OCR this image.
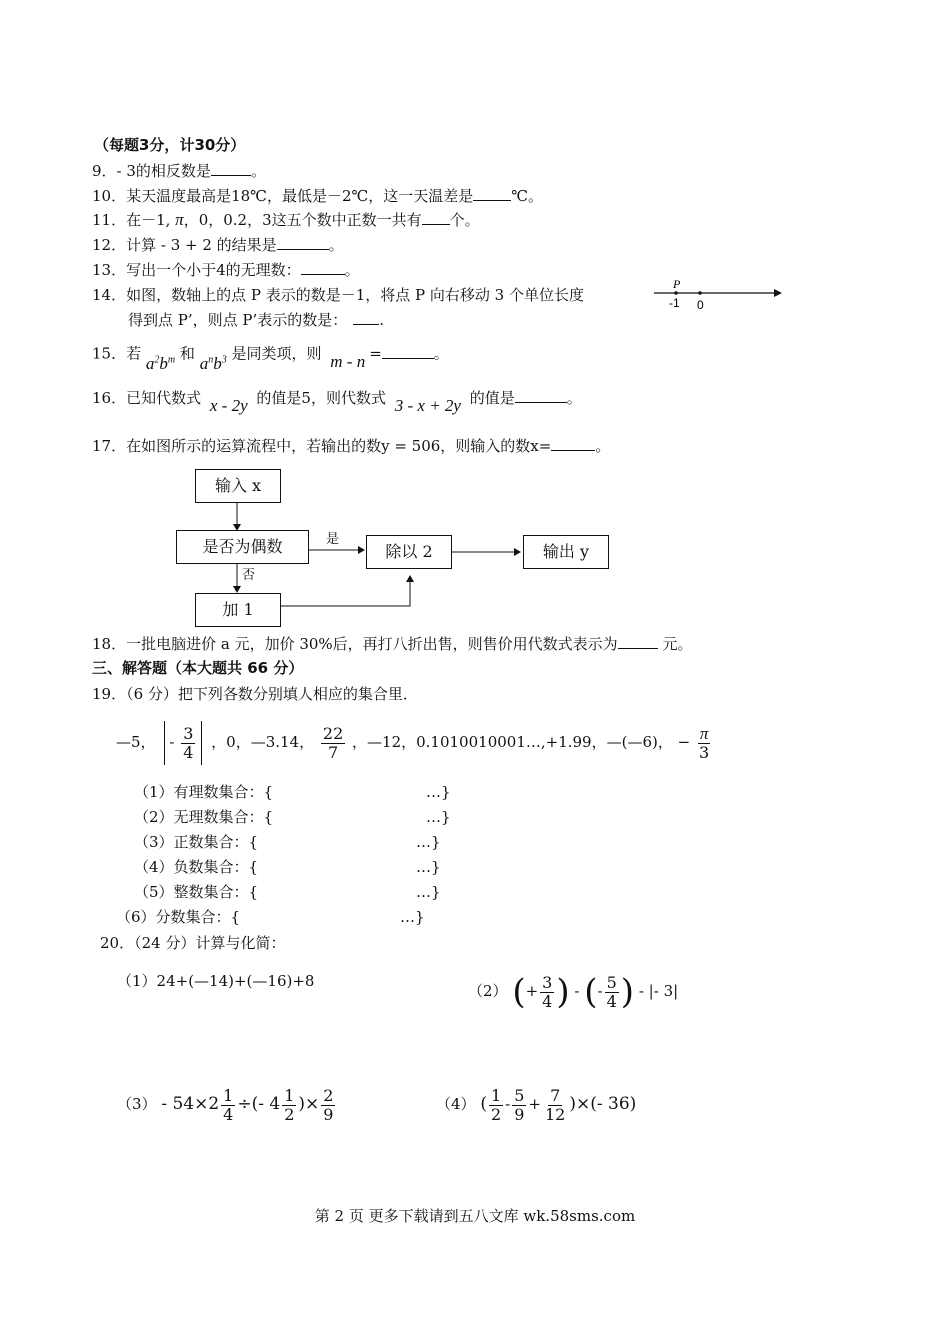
（每题3分，计30分）
9．- 3的相反数是	。
10．某天温度最高是18℃，最低是－2℃，这一天温差是	℃。
11．在－1, π，0，0.2，3这五个数中正数一共有 个。
12．计算 - 3 + 2 的结果是	。
13．写出一个小于4的无理数：	。
14．如图，数轴上的点 P 表示的数是－1，将点 P 向右移动 3 个单位长度
得到点 P’，则点 P’表示的数是： .
P
-1 0
15．若 $a^2b^m$ 和 $a^nb^3$ 是同类项，则 m - n =	。
16．已知代数式 x - 2y 的值是5，则代数式 3 - x + 2y 的值是	。
17．在如图所示的运算流程中，若输出的数y = 506，则输入的数x=	。
输入 x
是否为偶数	是
除以 2	输出 y
否
加 1
18．一批电脑进价 a 元，加价 30%后，再打八折出售，则售价用代数式表示为	元。
三、解答题（本大题共 66 分）
19．（6 分）把下列各数分别填人相应的集合里．
—5， - $\frac{3}{4}$ ，0，—3.14， $\frac{22}{7}$ ，—12，0.1010010001…,+1.99，—(—6)， − $\frac{\pi}{3}$
（1）有理数集合：{	…}
（2）无理数集合：{	…}
（3）正数集合：{	…}
（4）负数集合：{	…}
（5）整数集合：{	…}
（6）分数集合：{	…}
20．（24 分）计算与化简：
（1）24+(—14)+(—16)+8
（2） (+ $\frac{3}{4}$ ) - (- $\frac{5}{4}$ ) - |- 3|
$(3) - 54\times 2 \frac{1}{4}$ ÷(- $4 \frac{1}{2}$ )× $\frac{2}{9}$	（4） ( $\frac{1}{2} - \frac{5}{9} + \frac{7}{12}$ )×(- 36)
第 2 页 更多下载请到五八文库 wk.58sms.com
